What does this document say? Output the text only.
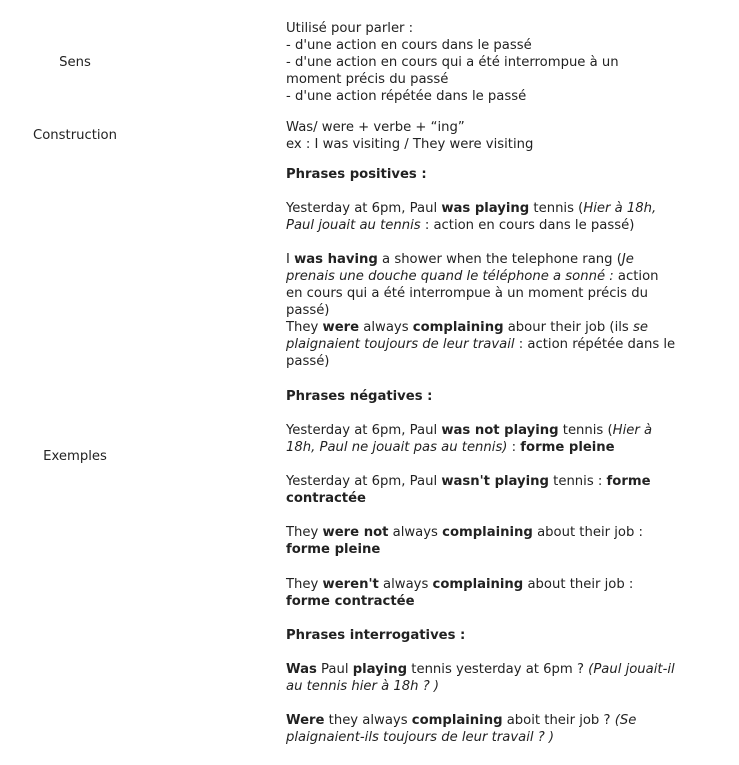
Sens
Construction
Exemples
Utilisé pour parler :
- d'une action en cours dans le passé
- d'une action en cours qui a été interrompue à un moment précis du passé
- d'une action répétée dans le passé
Was/ were + verbe + “ing”
ex : I was visiting / They were visiting
Phrases positives :
Yesterday at 6pm, Paul was playing tennis (Hier à 18h, Paul jouait au tennis : action en cours dans le passé)
I was having a shower when the telephone rang (Je prenais une douche quand le téléphone a sonné : action en cours qui a été interrompue à un moment précis du passé)
They were always complaining abour their job (ils se plaignaient toujours de leur travail : action répétée dans le passé)
Phrases négatives :
Yesterday at 6pm, Paul was not playing tennis (Hier à 18h, Paul ne jouait pas au tennis) : forme pleine
Yesterday at 6pm, Paul wasn't playing tennis : forme contractée
They were not always complaining about their job : forme pleine
They weren't always complaining about their job : forme contractée
Phrases interrogatives :
Was Paul playing tennis yesterday at 6pm ? (Paul jouait-il au tennis hier à 18h ? )
Were they always complaining aboit their job ? (Se plaignaient-ils toujours de leur travail ? )
